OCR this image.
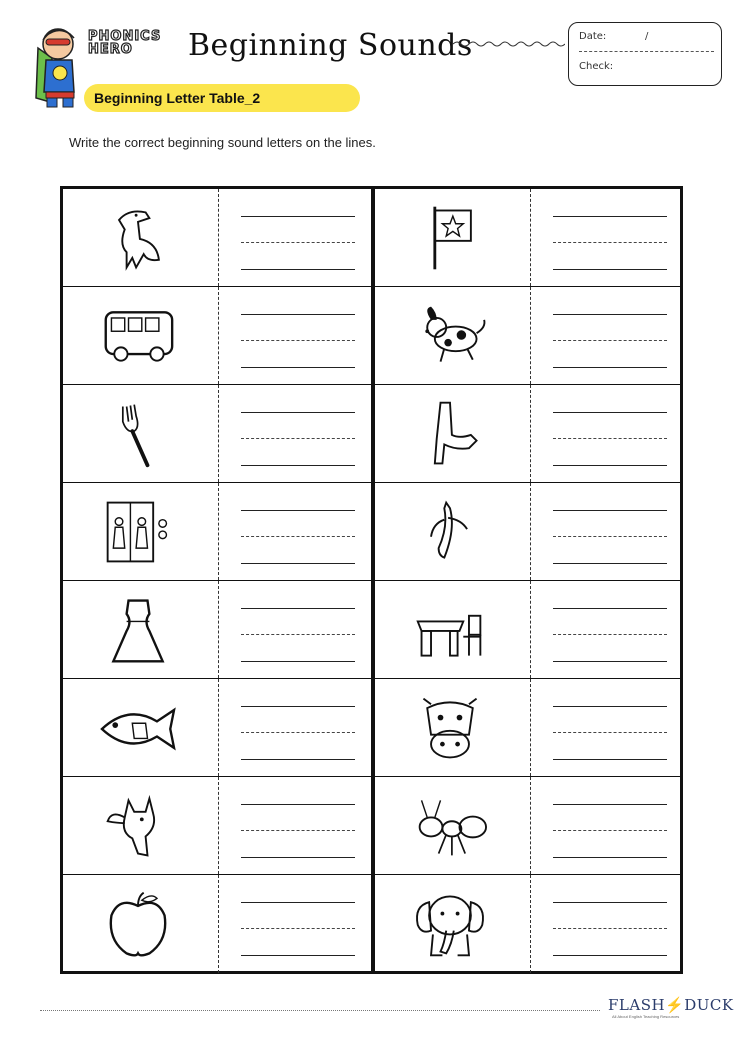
PHONICS
HERO	Beginning Sounds	Date:	/
Check:
Beginning Letter Table_2
Write the correct beginning sound letters on the lines.
FLASH⚡DUCK
All About English Teaching Resources
